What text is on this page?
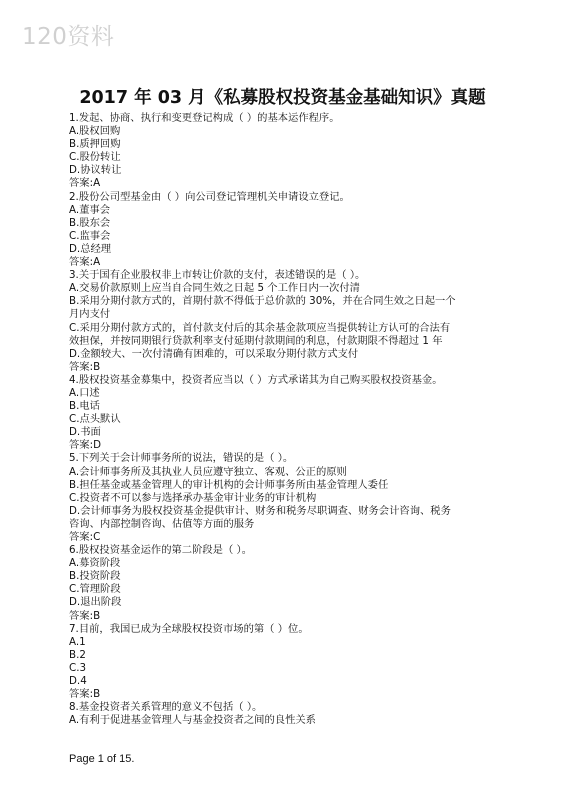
120资料
2017 年 03 月《私募股权投资基金基础知识》真题
1.发起、协商、执行和变更登记构成（ ）的基本运作程序。
A.股权回购
B.质押回购
C.股份转让
D.协议转让
答案:A
2.股份公司型基金由（ ）向公司登记管理机关申请设立登记。
A.董事会
B.股东会
C.监事会
D.总经理
答案:A
3.关于国有企业股权非上市转让价款的支付，表述错误的是（ ）。
A.交易价款原则上应当自合同生效之日起 5 个工作日内一次付清
B.采用分期付款方式的，首期付款不得低于总价款的 30%，并在合同生效之日起一个
月内支付
C.采用分期付款方式的，首付款支付后的其余基金款项应当提供转让方认可的合法有
效担保，并按同期银行贷款利率支付延期付款期间的利息，付款期限不得超过 1 年
D.金额较大、一次付清确有困难的，可以采取分期付款方式支付
答案:B
4.股权投资基金募集中，投资者应当以（ ）方式承诺其为自己购买股权投资基金。
A.口述
B.电话
C.点头默认
D.书面
答案:D
5.下列关于会计师事务所的说法，错误的是（ ）。
A.会计师事务所及其执业人员应遵守独立、客观、公正的原则
B.担任基金或基金管理人的审计机构的会计师事务所由基金管理人委任
C.投资者不可以参与选择承办基金审计业务的审计机构
D.会计师事务为股权投资基金提供审计、财务和税务尽职调查、财务会计咨询、税务
咨询、内部控制咨询、估值等方面的服务
答案:C
6.股权投资基金运作的第二阶段是（ ）。
A.募资阶段
B.投资阶段
C.管理阶段
D.退出阶段
答案:B
7.目前，我国已成为全球股权投资市场的第（ ）位。
A.1
B.2
C.3
D.4
答案:B
8.基金投资者关系管理的意义不包括（ ）。
A.有利于促进基金管理人与基金投资者之间的良性关系
Page 1 of 15.
